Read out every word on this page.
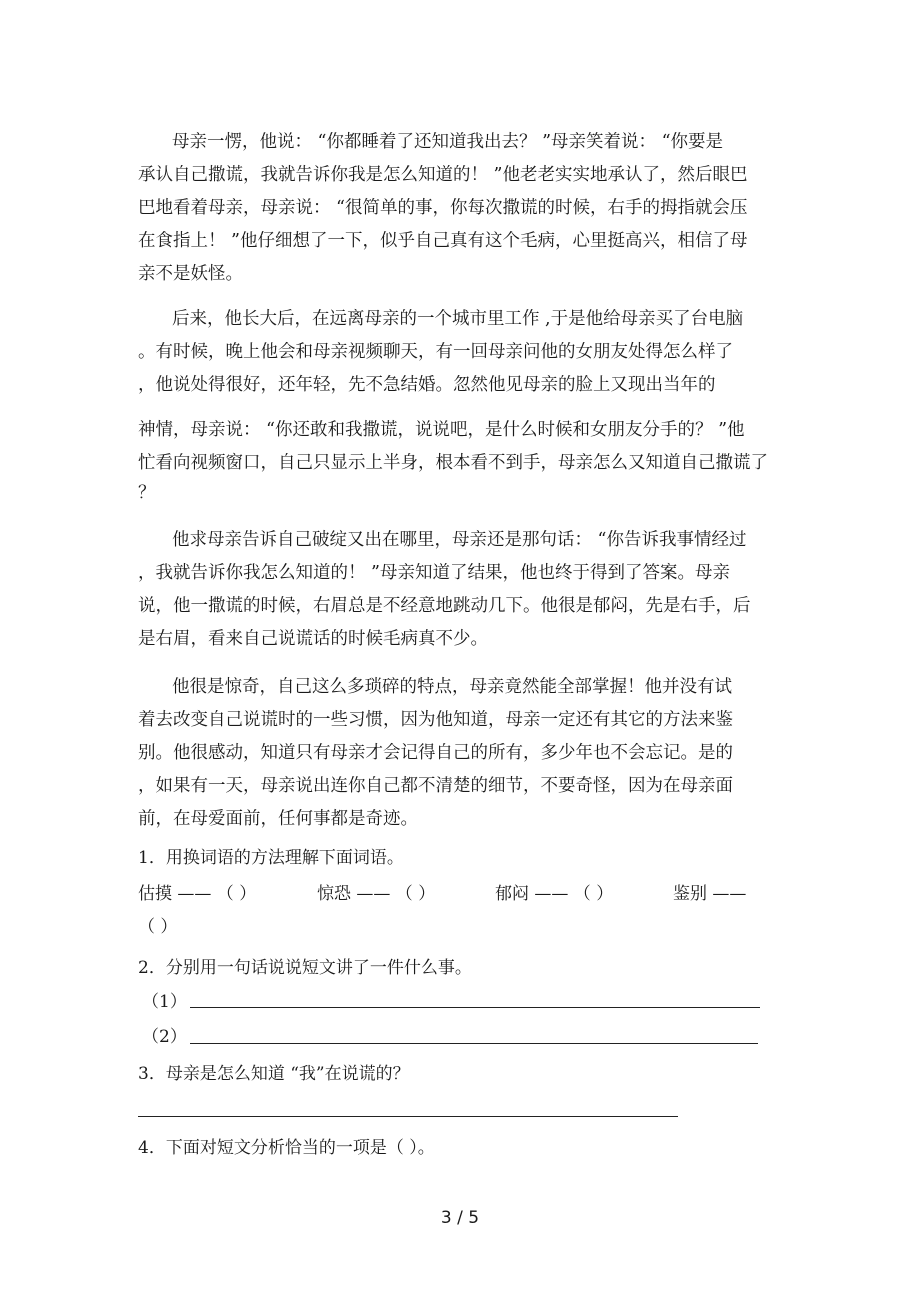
母亲一愣，他说： “你都睡着了还知道我出去？ ”母亲笑着说： “你要是
承认自己撒谎，我就告诉你我是怎么知道的！ ”他老老实实地承认了，然后眼巴
巴地看着母亲，母亲说： “很简单的事，你每次撒谎的时候，右手的拇指就会压
在食指上！ ”他仔细想了一下，似乎自己真有这个毛病，心里挺高兴，相信了母
亲不是妖怪。
后来，他长大后，在远离母亲的一个城市里工作 ,于是他给母亲买了台电脑
。有时候，晚上他会和母亲视频聊天，有一回母亲问他的女朋友处得怎么样了
，他说处得很好，还年轻，先不急结婚。忽然他见母亲的脸上又现出当年的
神情，母亲说： “你还敢和我撒谎，说说吧，是什么时候和女朋友分手的？ ”他
忙看向视频窗口，自己只显示上半身，根本看不到手，母亲怎么又知道自己撒谎了
？
他求母亲告诉自己破绽又出在哪里，母亲还是那句话： “你告诉我事情经过
，我就告诉你我怎么知道的！ ”母亲知道了结果，他也终于得到了答案。母亲
说，他一撒谎的时候，右眉总是不经意地跳动几下。他很是郁闷，先是右手，后
是右眉，看来自己说谎话的时候毛病真不少。
他很是惊奇，自己这么多琐碎的特点，母亲竟然能全部掌握！他并没有试
着去改变自己说谎时的一些习惯，因为他知道，母亲一定还有其它的方法来鉴
别。他很感动，知道只有母亲才会记得自己的所有，多少年也不会忘记。是的
，如果有一天，母亲说出连你自己都不清楚的细节，不要奇怪，因为在母亲面
前，在母爱面前，任何事都是奇迹。
1．用换词语的方法理解下面词语。
估摸 —— （ ）	惊恐 —— （ ）	郁闷 —— （ ）	鉴别 ——
（ ）
2．分别用一句话说说短文讲了一件什么事。
（1）
（2）
3．母亲是怎么知道 “我”在说谎的？
4．下面对短文分析恰当的一项是（ ）。
3 / 5
